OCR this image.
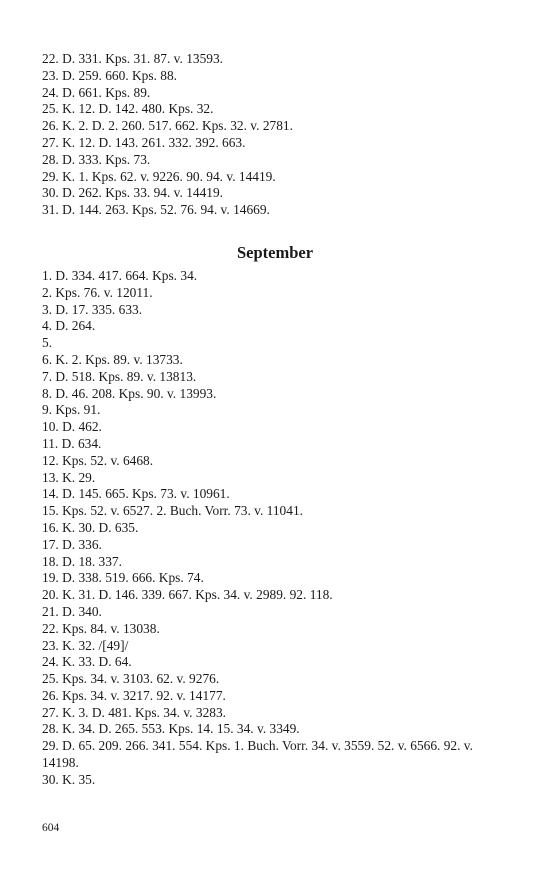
22. D. 331. Kps. 31. 87. v. 13593.

23. D. 259. 660. Kps. 88.

24. D. 661. Kps. 89.

25. K. 12. D. 142. 480. Kps. 32.

26. K. 2. D. 2. 260. 517. 662. Kps. 32. v. 2781.

27. K. 12. D. 143. 261. 332. 392. 663.

28. D. 333. Kps. 73.

29. K. 1. Kps. 62. v. 9226. 90. 94. v. 14419.

30. D. 262. Kps. 33. 94. v. 14419.

31. D. 144. 263. Kps. 52. 76. 94. v. 14669.

September

1. D. 334. 417. 664. Kps. 34.

2. Kps. 76. v. 12011.

3. D. 17. 335. 633.

4. D. 264.

5.

6. K. 2. Kps. 89. v. 13733.

7. D. 518. Kps. 89. v. 13813.

8. D. 46. 208. Kps. 90. v. 13993.

9. Kps. 91.

10. D. 462.

11. D. 634.

12. Kps. 52. v. 6468.

13. K. 29.

14. D. 145. 665. Kps. 73. v. 10961.

15. Kps. 52. v. 6527. 2. Buch. Vorr. 73. v. 11041.

16. K. 30. D. 635.

17. D. 336.

18. D. 18. 337.

19. D. 338. 519. 666. Kps. 74.

20. K. 31. D. 146. 339. 667. Kps. 34. v. 2989. 92. 118.

21. D. 340.

22. Kps. 84. v. 13038.

23. K. 32. /[49]/

24. K. 33. D. 64.

25. Kps. 34. v. 3103. 62. v. 9276.

26. Kps. 34. v. 3217. 92. v. 14177.

27. K. 3. D. 481. Kps. 34. v. 3283.

28. K. 34. D. 265. 553. Kps. 14. 15. 34. v. 3349.

29. D. 65. 209. 266. 341. 554. Kps. 1. Buch. Vorr. 34. v. 3559. 52. v. 6566. 92. v. 14198.

30. K. 35.

604
